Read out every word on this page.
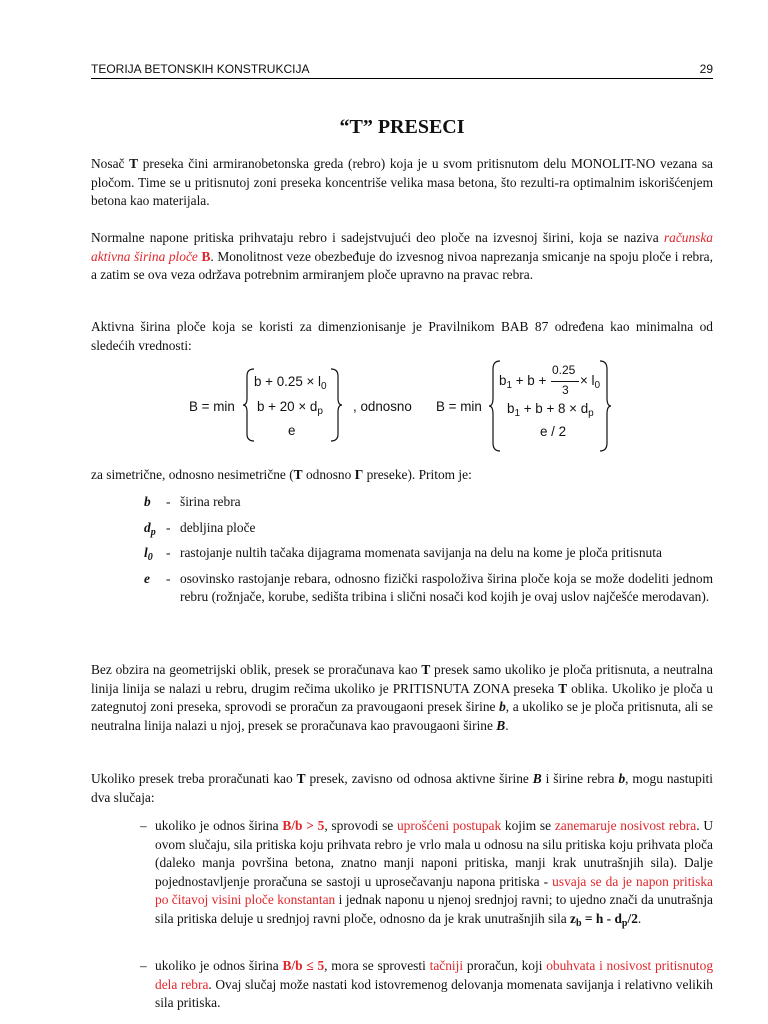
TEORIJA BETONSKIH KONSTRUKCIJA	29
“T” PRESECI
Nosač T preseka čini armiranobetonska greda (rebro) koja je u svom pritisnutom delu MONOLIT-NO vezana sa pločom. Time se u pritisnutoj zoni preseka koncentriše velika masa betona, što rezulti-ra optimalnim iskorišćenjem betona kao materijala.
Normalne napone pritiska prihvataju rebro i sadejstvujući deo ploče na izvesnoj širini, koja se naziva računska aktivna širina ploče B. Monolitnost veze obezbeđuje do izvesnog nivoa naprezanja smicanje na spoju ploče i rebra, a zatim se ova veza održava potrebnim armiranjem ploče upravno na pravac rebra.
Aktivna širina ploče koja se koristi za dimenzionisanje je Pravilnikom BAB 87 određena kao minimalna od sledećih vrednosti:
B = min
$b + 0.25 \times l_0$
$b + 20 \times d_p$
e
, odnosno B = min
$b_1 + b$ +
0.25
3
× $l_0$
$b_1 + b + 8 \times d_p$
e / 2
za simetrične, odnosno nesimetrične (T odnosno Γ preseke). Pritom je:
b - širina rebra
$d_p$ - debljina ploče
$l_0$ - rastojanje nultih tačaka dijagrama momenata savijanja na delu na kome je ploča pritisnuta
e - osovinsko rastojanje rebara, odnosno fizički raspoloživa širina ploče koja se može dodeliti jednom rebru (rožnjače, korube, sedišta tribina i slični nosači kod kojih je ovaj uslov najčešće merodavan).
Bez obzira na geometrijski oblik, presek se proračunava kao T presek samo ukoliko je ploča pritisnuta, a neutralna linija linija se nalazi u rebru, drugim rečima ukoliko je PRITISNUTA ZONA preseka T oblika. Ukoliko je ploča u zategnutoj zoni preseka, sprovodi se proračun za pravougaoni presek širine b, a ukoliko se je ploča pritisnuta, ali se neutralna linija nalazi u njoj, presek se proračunava kao pravougaoni širine B.
Ukoliko presek treba proračunati kao T presek, zavisno od odnosa aktivne širine B i širine rebra b, mogu nastupiti dva slučaja:
– ukoliko je odnos širina B/b > 5, sprovodi se uprošćeni postupak kojim se zanemaruje nosivost rebra. U ovom slučaju, sila pritiska koju prihvata rebro je vrlo mala u odnosu na silu pritiska koju prihvata ploča (daleko manja površina betona, znatno manji naponi pritiska, manji krak unutrašnjih sila). Dalje pojednostavljenje proračuna se sastoji u uprosečavanju napona pritiska - usvaja se da je napon pritiska po čitavoj visini ploče konstantan i jednak naponu u njenoj srednjoj ravni; to ujedno znači da unutrašnja sila pritiska deluje u srednjoj ravni ploče, odnosno da je krak unutrašnjih sila $z_b = h - d_p/2$.
– ukoliko je odnos širina B/b ≤ 5, mora se sprovesti tačniji proračun, koji obuhvata i nosivost pritisnutog dela rebra. Ovaj slučaj može nastati kod istovremenog delovanja momenata savijanja i relativno velikih sila pritiska.
